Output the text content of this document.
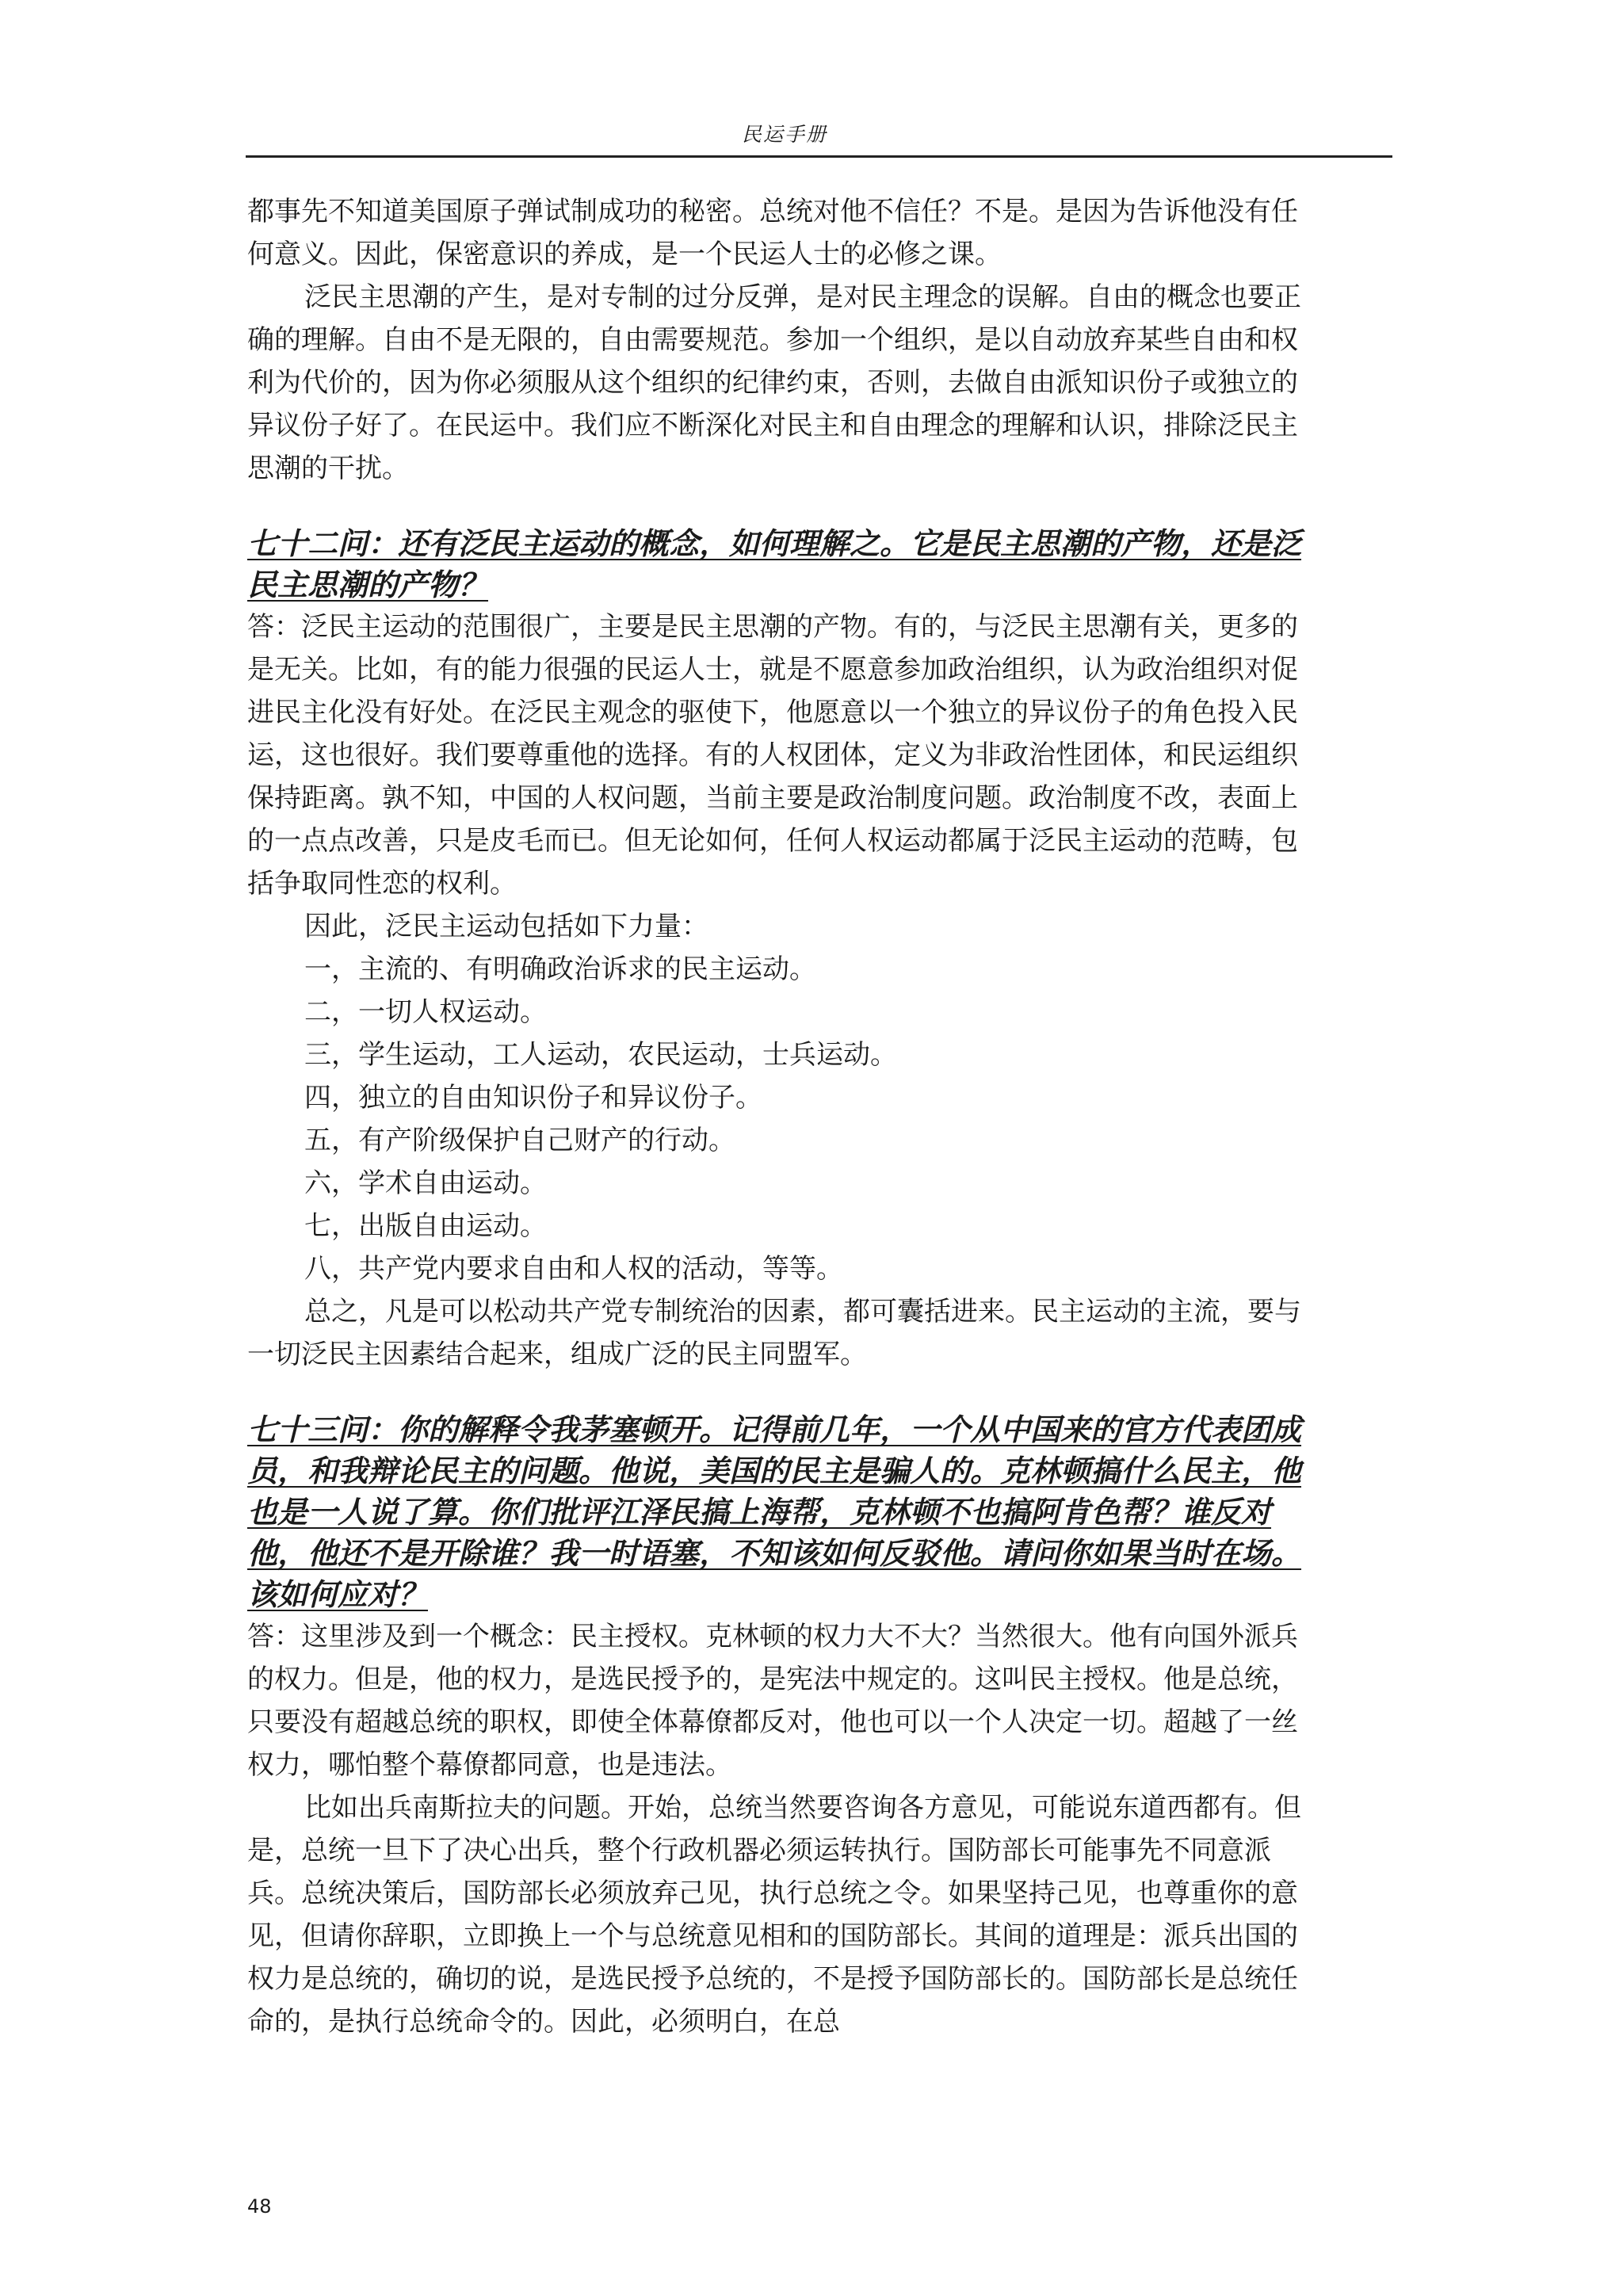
民运手册

都事先不知道美国原子弹试制成功的秘密。总统对他不信任？不是。是因为告诉他没有任何意义。因此，保密意识的养成，是一个民运人士的必修之课。

泛民主思潮的产生，是对专制的过分反弹，是对民主理念的误解。自由的概念也要正确的理解。自由不是无限的，自由需要规范。参加一个组织，是以自动放弃某些自由和权利为代价的，因为你必须服从这个组织的纪律约束，否则，去做自由派知识份子或独立的异议份子好了。在民运中。我们应不断深化对民主和自由理念的理解和认识，排除泛民主思潮的干扰。

七十二问：还有泛民主运动的概念，如何理解之。它是民主思潮的产物，还是泛民主思潮的产物？

答：泛民主运动的范围很广，主要是民主思潮的产物。有的，与泛民主思潮有关，更多的是无关。比如，有的能力很强的民运人士，就是不愿意参加政治组织，认为政治组织对促进民主化没有好处。在泛民主观念的驱使下，他愿意以一个独立的异议份子的角色投入民运，这也很好。我们要尊重他的选择。有的人权团体，定义为非政治性团体，和民运组织保持距离。孰不知，中国的人权问题，当前主要是政治制度问题。政治制度不改，表面上的一点点改善，只是皮毛而已。但无论如何，任何人权运动都属于泛民主运动的范畴，包括争取同性恋的权利。

因此，泛民主运动包括如下力量：

一，主流的、有明确政治诉求的民主运动。

二，一切人权运动。

三，学生运动，工人运动，农民运动，士兵运动。

四，独立的自由知识份子和异议份子。

五，有产阶级保护自己财产的行动。

六，学术自由运动。

七，出版自由运动。

八，共产党内要求自由和人权的活动，等等。

总之，凡是可以松动共产党专制统治的因素，都可囊括进来。民主运动的主流，要与一切泛民主因素结合起来，组成广泛的民主同盟军。

七十三问：你的解释令我茅塞顿开。记得前几年，一个从中国来的官方代表团成员，和我辩论民主的问题。他说，美国的民主是骗人的。克林顿搞什么民主，他也是一人说了算。你们批评江泽民搞上海帮，克林顿不也搞阿肯色帮？谁反对他，他还不是开除谁？我一时语塞，不知该如何反驳他。请问你如果当时在场。该如何应对？

答：这里涉及到一个概念：民主授权。克林顿的权力大不大？当然很大。他有向国外派兵的权力。但是，他的权力，是选民授予的，是宪法中规定的。这叫民主授权。他是总统，只要没有超越总统的职权，即使全体幕僚都反对，他也可以一个人决定一切。超越了一丝权力，哪怕整个幕僚都同意，也是违法。

比如出兵南斯拉夫的问题。开始，总统当然要咨询各方意见，可能说东道西都有。但是，总统一旦下了决心出兵，整个行政机器必须运转执行。国防部长可能事先不同意派兵。总统决策后，国防部长必须放弃己见，执行总统之令。如果坚持己见，也尊重你的意见，但请你辞职，立即换上一个与总统意见相和的国防部长。其间的道理是：派兵出国的权力是总统的，确切的说，是选民授予总统的，不是授予国防部长的。国防部长是总统任命的，是执行总统命令的。因此，必须明白，在总

48
